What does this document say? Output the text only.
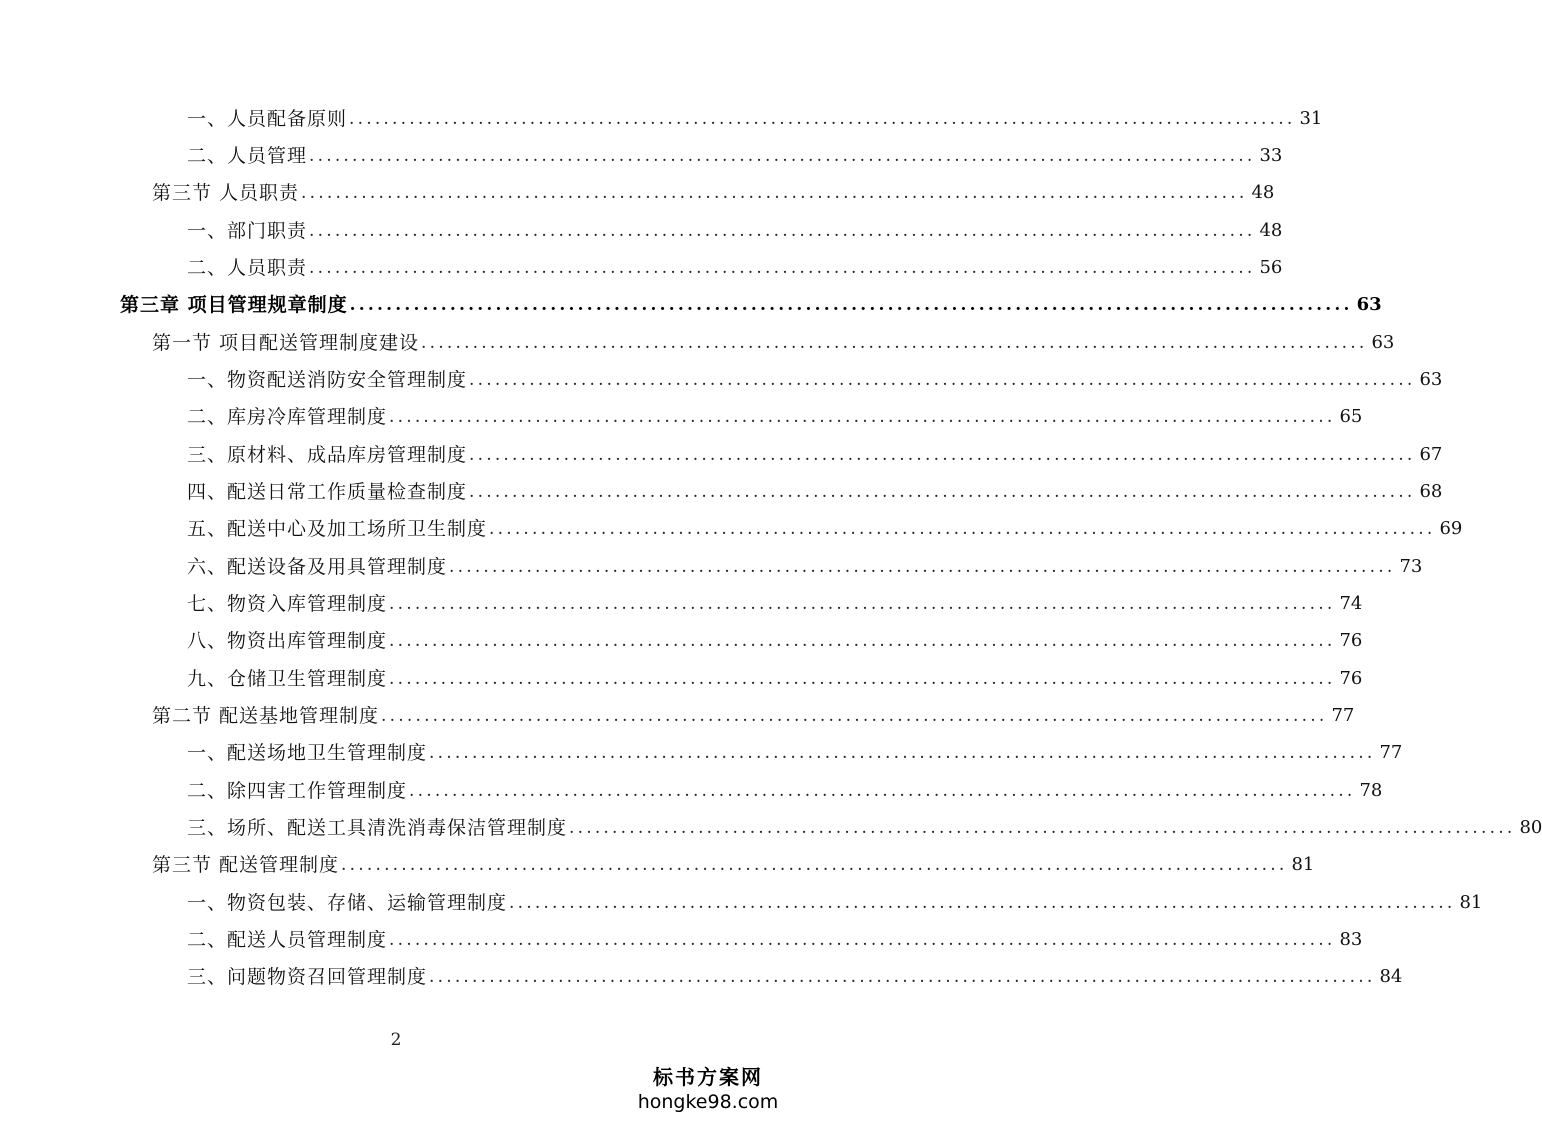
一、人员配备原则 .............................................................................................................. 31
二、人员管理 .............................................................................................................. 33
第三节 人员职责 .............................................................................................................. 48
一、部门职责 .............................................................................................................. 48
二、人员职责 .............................................................................................................. 56
第三章 项目管理规章制度 .............................................................................................................. 63
第一节 项目配送管理制度建设 .............................................................................................................. 63
一、物资配送消防安全管理制度 .............................................................................................................. 63
二、库房冷库管理制度 .............................................................................................................. 65
三、原材料、成品库房管理制度 .............................................................................................................. 67
四、配送日常工作质量检查制度 .............................................................................................................. 68
五、配送中心及加工场所卫生制度 .............................................................................................................. 69
六、配送设备及用具管理制度 .............................................................................................................. 73
七、物资入库管理制度 .............................................................................................................. 74
八、物资出库管理制度 .............................................................................................................. 76
九、仓储卫生管理制度 .............................................................................................................. 76
第二节 配送基地管理制度 .............................................................................................................. 77
一、配送场地卫生管理制度 .............................................................................................................. 77
二、除四害工作管理制度 .............................................................................................................. 78
三、场所、配送工具清洗消毒保洁管理制度 .............................................................................................................. 80
第三节 配送管理制度 .............................................................................................................. 81
一、物资包装、存储、运输管理制度 .............................................................................................................. 81
二、配送人员管理制度 .............................................................................................................. 83
三、问题物资召回管理制度 .............................................................................................................. 84
2
标书方案网
hongke98.com
